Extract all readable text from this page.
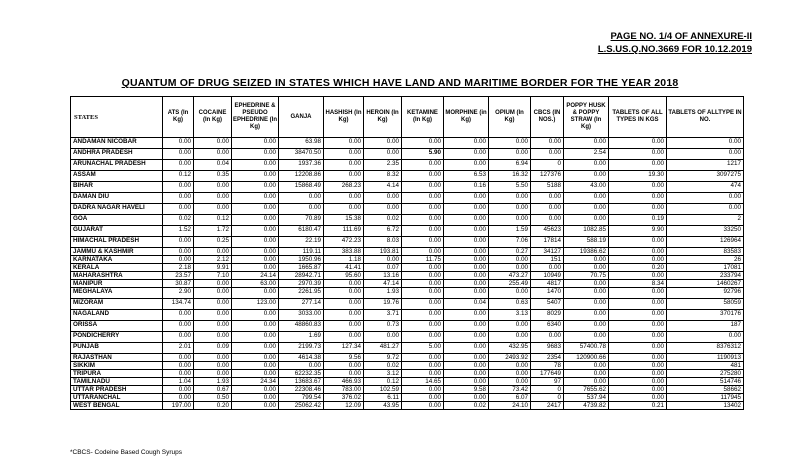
PAGE NO. 1/4 OF ANNEXURE-II
L.S.US.Q.NO.3669 FOR 10.12.2019
QUANTUM OF DRUG SEIZED IN STATES WHICH HAVE LAND AND MARITIME BORDER FOR THE YEAR 2018
STATES	ATS (In Kg)	COCAINE (In Kg)	EPHEDRINE & PSEUDO EPHEDRINE (In Kg)	GANJA	HASHISH (In Kg)	HEROIN (In Kg)	KETAMINE (In Kg)	MORPHINE (in Kg)	OPIUM (In Kg)	CBCS (IN NOS.)	POPPY HUSK & POPPY STRAW (In Kg)	TABLETS OF ALL TYPES IN KGS	TABLETS OF ALLTYPE IN NO.
ANDAMAN NICOBAR	0.00	0.00	0.00	63.98	0.00	0.00	0.00	0.00	0.00	0.00	0.00	0.00	0.00
ANDHRA PRADESH	0.00	0.00	0.00	38470.50	0.00	0.00	5.90	0.00	0.00	0.00	2.54	0.00	0.00
ARUNACHAL PRADESH	0.00	0.04	0.00	1937.36	0.00	2.35	0.00	0.00	6.94	0	0.00	0.00	1217
ASSAM	0.12	0.35	0.00	12208.86	0.00	8.32	0.00	6.53	16.32	127376	0.00	19.30	3097275
BIHAR	0.00	0.00	0.00	15868.49	268.23	4.14	0.00	0.16	5.50	5188	43.00	0.00	474
DAMAN DIU	0.00	0.00	0.00	0.00	0.00	0.00	0.00	0.00	0.00	0.00	0.00	0.00	0.00
DADRA NAGAR HAVELI	0.00	0.00	0.00	0.00	0.00	0.00	0.00	0.00	0.00	0.00	0.00	0.00	0.00
GOA	0.02	0.12	0.00	70.89	15.38	0.02	0.00	0.00	0.00	0.00	0.00	0.19	2
GUJARAT	1.52	1.72	0.00	6180.47	111.69	6.72	0.00	0.00	1.59	45623	1082.85	9.90	33250
HIMACHAL PRADESH	0.00	0.25	0.00	22.19	472.23	8.03	0.00	0.00	7.06	17814	588.19	0.00	126964
JAMMU & KASHMIR	0.00	0.00	0.00	119.11	383.88	193.81	0.00	0.00	0.27	34127	19386.62	0.00	83583
KARNATAKA	0.00	2.12	0.00	1950.96	1.18	0.00	11.75	0.00	0.00	151	0.00	0.00	26
KERALA	2.18	9.91	0.00	1665.87	41.41	0.07	0.00	0.00	0.00	0.00	0.00	0.20	17081
MAHARASHTRA	23.57	7.10	24.14	28942.71	95.60	13.16	0.00	0.00	473.27	10949	70.75	0.00	233794
MANIPUR	30.87	0.00	63.00	2970.39	0.00	47.14	0.00	0.00	255.49	4817	0.00	8.34	1460267
MEGHALAYA	2.90	0.00	0.00	2261.95	0.00	1.93	0.00	0.00	0.00	1470	0.00	0.00	92796
MIZORAM	134.74	0.00	123.00	277.14	0.00	19.76	0.00	0.04	0.63	5407	0.00	0.00	58059
NAGALAND	0.00	0.00	0.00	3033.00	0.00	3.71	0.00	0.00	3.13	8029	0.00	0.00	370176
ORISSA	0.00	0.00	0.00	48860.83	0.00	0.73	0.00	0.00	0.00	6340	0.00	0.00	187
PONDICHERRY	0.00	0.00	0.00	1.69	0.00	0.00	0.00	0.00	0.00	0.00	0.00	0.00	0.00
PUNJAB	2.01	0.09	0.00	2199.73	127.34	481.27	5.00	0.00	432.95	9683	57400.78	0.00	8376312
RAJASTHAN	0.00	0.00	0.00	4614.38	9.56	9.72	0.00	0.00	2493.92	2354	120900.66	0.00	1190913
SIKKIM	0.00	0.00	0.00	0.00	0.00	0.02	0.00	0.00	0.00	78	0.00	0.00	481
TRIPURA	0.00	0.00	0.00	62232.35	0.00	3.12	0.00	0.00	0.00	177649	0.00	0.00	275280
TAMILNADU	1.04	1.93	24.34	13683.67	466.93	0.12	14.65	0.00	0.00	97	0.00	0.00	514746
UTTAR PRADESH	0.00	0.67	0.00	22308.46	783.00	102.59	0.00	9.58	73.42	0	7655.62	0.00	58662
UTTARANCHAL	0.00	0.50	0.00	799.54	376.02	6.11	0.00	0.00	6.07	0	537.94	0.00	117945
WEST BENGAL	197.00	0.20	0.00	25062.42	12.09	43.95	0.00	0.02	24.10	2417	4739.82	0.21	13402
*CBCS- Codeine Based Cough Syrups
